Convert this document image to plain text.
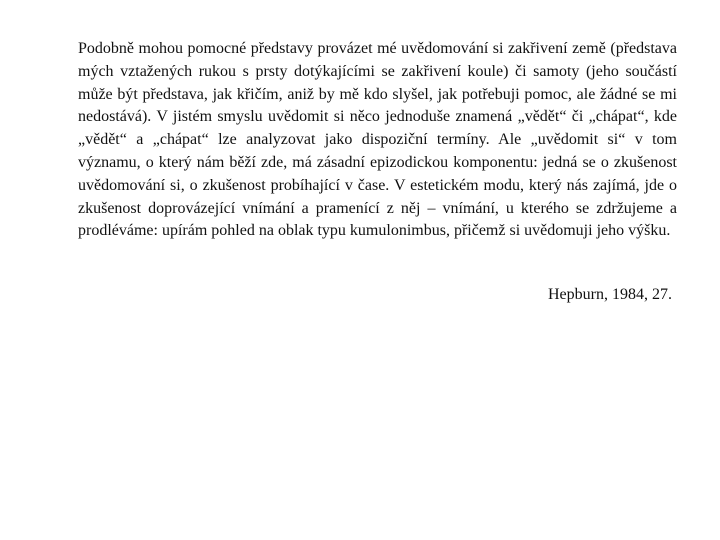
Podobně mohou pomocné představy provázet mé uvědomování si zakřivení země (představa mých vztažených rukou s prsty dotýkajícími se zakřivení koule) či samoty (jeho součástí může být představa, jak křičím, aniž by mě kdo slyšel, jak potřebuji pomoc, ale žádné se mi nedostává). V jistém smyslu uvědomit si něco jednoduše znamená „vědět“ či „chápat“, kde „vědět“ a „chápat“ lze analyzovat jako dispoziční termíny. Ale „uvědomit si“ v tom významu, o který nám běží zde, má zásadní epizodickou komponentu: jedná se o zkušenost uvědomování si, o zkušenost probíhající v čase. V estetickém modu, který nás zajímá, jde o zkušenost doprovázející vnímání a pramenící z něj – vnímání, u kterého se zdržujeme a prodléváme: upírám pohled na oblak typu kumulonimbus, přičemž si uvědomuji jeho výšku.

Hepburn, 1984, 27.
